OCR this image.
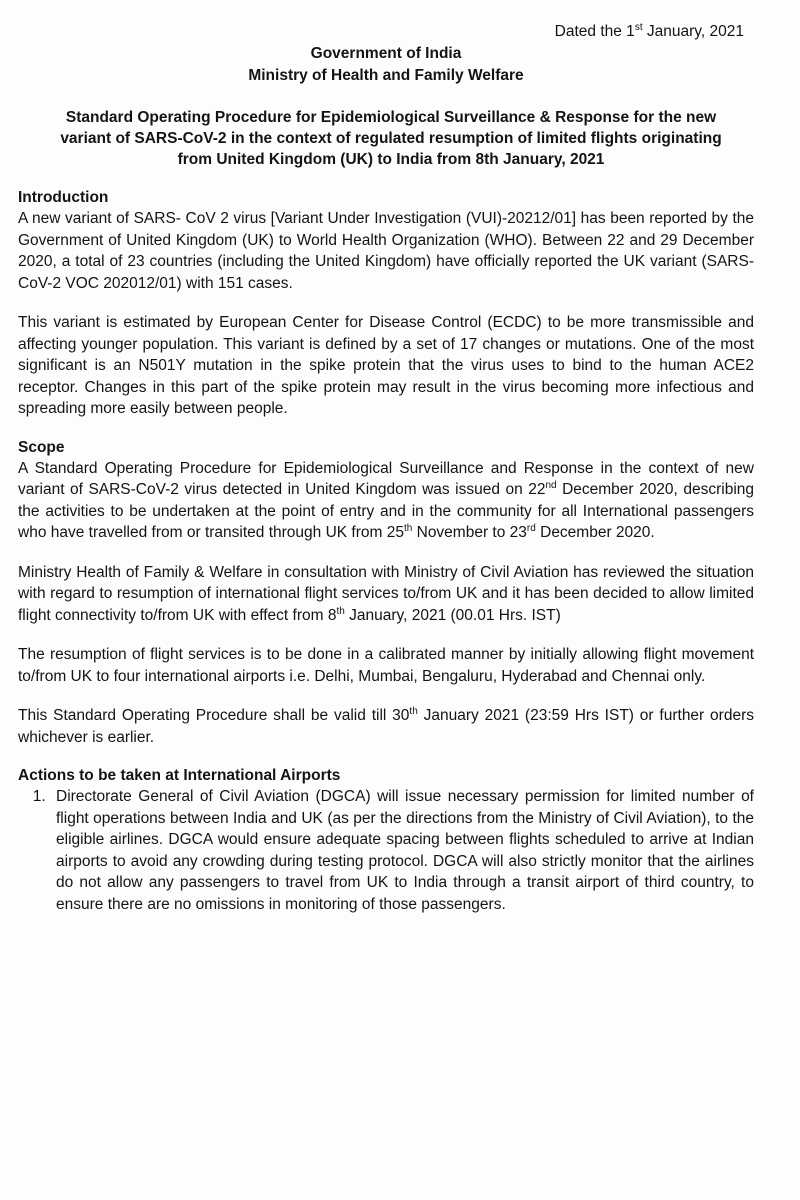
Dated the 1st January, 2021
Government of India
Ministry of Health and Family Welfare
Standard Operating Procedure for Epidemiological Surveillance & Response for the new
variant of SARS-CoV-2 in the context of regulated resumption of limited flights originating
from United Kingdom (UK) to India from 8th January, 2021
Introduction

A new variant of SARS- CoV 2 virus [Variant Under Investigation (VUI)-20212/01] has been reported by the Government of United Kingdom (UK) to World Health Organization (WHO). Between 22 and 29 December 2020, a total of 23 countries (including the United Kingdom) have officially reported the UK variant (SARS-CoV-2 VOC 202012/01) with 151 cases.

This variant is estimated by European Center for Disease Control (ECDC) to be more transmissible and affecting younger population. This variant is defined by a set of 17 changes or mutations. One of the most significant is an N501Y mutation in the spike protein that the virus uses to bind to the human ACE2 receptor. Changes in this part of the spike protein may result in the virus becoming more infectious and spreading more easily between people.

Scope

A Standard Operating Procedure for Epidemiological Surveillance and Response in the context of new variant of SARS-CoV-2 virus detected in United Kingdom was issued on 22nd December 2020, describing the activities to be undertaken at the point of entry and in the community for all International passengers who have travelled from or transited through UK from 25th November to 23rd December 2020.

Ministry Health of Family & Welfare in consultation with Ministry of Civil Aviation has reviewed the situation with regard to resumption of international flight services to/from UK and it has been decided to allow limited flight connectivity to/from UK with effect from 8th January, 2021 (00.01 Hrs. IST)

The resumption of flight services is to be done in a calibrated manner by initially allowing flight movement to/from UK to four international airports i.e. Delhi, Mumbai, Bengaluru, Hyderabad and Chennai only.

This Standard Operating Procedure shall be valid till 30th January 2021 (23:59 Hrs IST) or further orders whichever is earlier.

Actions to be taken at International Airports
1. Directorate General of Civil Aviation (DGCA) will issue necessary permission for limited number of flight operations between India and UK (as per the directions from the Ministry of Civil Aviation), to the eligible airlines. DGCA would ensure adequate spacing between flights scheduled to arrive at Indian airports to avoid any crowding during testing protocol. DGCA will also strictly monitor that the airlines do not allow any passengers to travel from UK to India through a transit airport of third country, to ensure there are no omissions in monitoring of those passengers.
